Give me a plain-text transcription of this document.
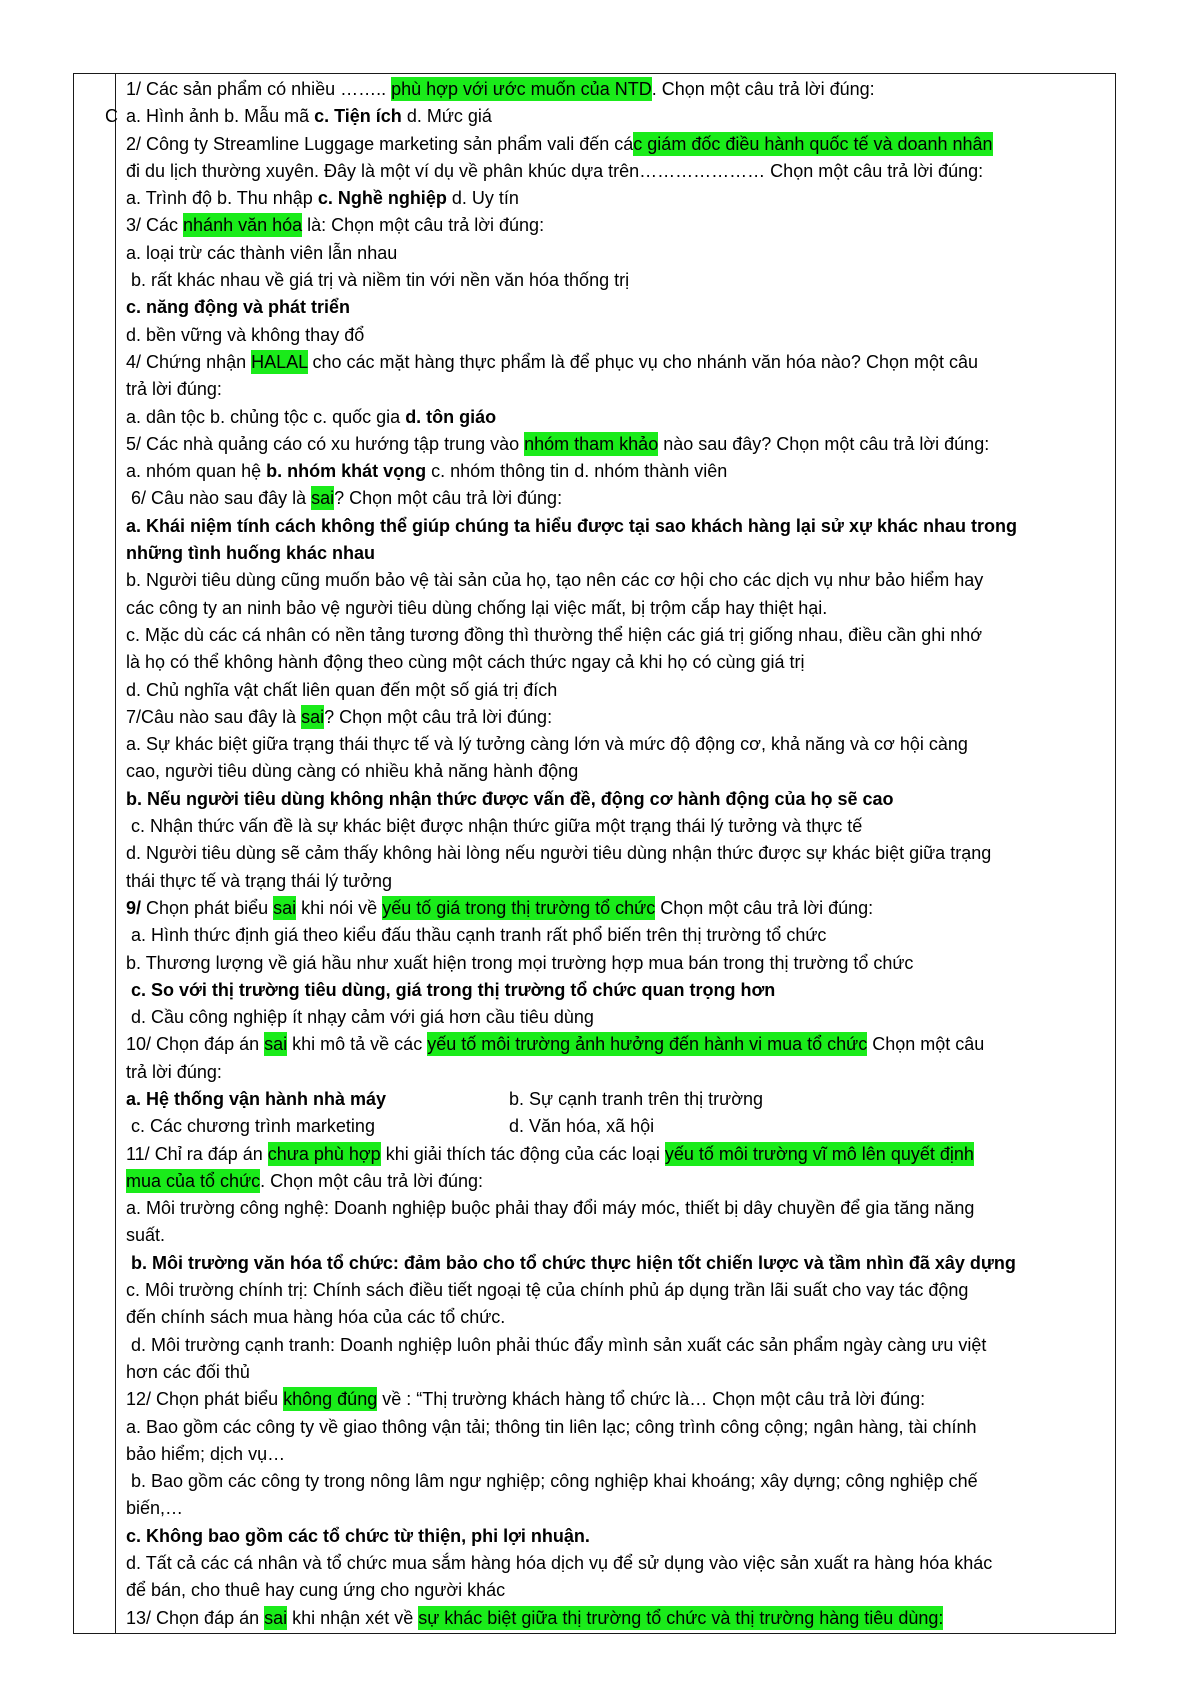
C

1/ Các sản phẩm có nhiều …….. phù hợp với ước muốn của NTD. Chọn một câu trả lời đúng:
a. Hình ảnh b. Mẫu mã c. Tiện ích d. Mức giá
2/ Công ty Streamline Luggage marketing sản phẩm vali đến các giám đốc điều hành quốc tế và doanh nhân
đi du lịch thường xuyên. Đây là một ví dụ về phân khúc dựa trên………………… Chọn một câu trả lời đúng:
a. Trình độ b. Thu nhập c. Nghề nghiệp d. Uy tín
3/ Các nhánh văn hóa là: Chọn một câu trả lời đúng:
a. loại trừ các thành viên lẫn nhau
b. rất khác nhau về giá trị và niềm tin với nền văn hóa thống trị
c. năng động và phát triển
d. bền vững và không thay đổ
4/ Chứng nhận HALAL cho các mặt hàng thực phẩm là để phục vụ cho nhánh văn hóa nào? Chọn một câu
trả lời đúng:
a. dân tộc b. chủng tộc c. quốc gia d. tôn giáo
5/ Các nhà quảng cáo có xu hướng tập trung vào nhóm tham khảo nào sau đây? Chọn một câu trả lời đúng:
a. nhóm quan hệ b. nhóm khát vọng c. nhóm thông tin d. nhóm thành viên
6/ Câu nào sau đây là sai? Chọn một câu trả lời đúng:
a. Khái niệm tính cách không thể giúp chúng ta hiểu được tại sao khách hàng lại sử xự khác nhau trong
những tình huống khác nhau
b. Người tiêu dùng cũng muốn bảo vệ tài sản của họ, tạo nên các cơ hội cho các dịch vụ như bảo hiểm hay
các công ty an ninh bảo vệ người tiêu dùng chống lại việc mất, bị trộm cắp hay thiệt hại.
c. Mặc dù các cá nhân có nền tảng tương đồng thì thường thể hiện các giá trị giống nhau, điều cần ghi nhớ
là họ có thể không hành động theo cùng một cách thức ngay cả khi họ có cùng giá trị
d. Chủ nghĩa vật chất liên quan đến một số giá trị đích
7/Câu nào sau đây là sai? Chọn một câu trả lời đúng:
a. Sự khác biệt giữa trạng thái thực tế và lý tưởng càng lớn và mức độ động cơ, khả năng và cơ hội càng
cao, người tiêu dùng càng có nhiều khả năng hành động
b. Nếu người tiêu dùng không nhận thức được vấn đề, động cơ hành động của họ sẽ cao
c. Nhận thức vấn đề là sự khác biệt được nhận thức giữa một trạng thái lý tưởng và thực tế
d. Người tiêu dùng sẽ cảm thấy không hài lòng nếu người tiêu dùng nhận thức được sự khác biệt giữa trạng
thái thực tế và trạng thái lý tưởng
9/ Chọn phát biểu sai khi nói về yếu tố giá trong thị trường tổ chức Chọn một câu trả lời đúng:
a. Hình thức định giá theo kiểu đấu thầu cạnh tranh rất phổ biến trên thị trường tổ chức
b. Thương lượng về giá hầu như xuất hiện trong mọi trường hợp mua bán trong thị trường tổ chức
c. So với thị trường tiêu dùng, giá trong thị trường tổ chức quan trọng hơn
d. Cầu công nghiệp ít nhạy cảm với giá hơn cầu tiêu dùng
10/ Chọn đáp án sai khi mô tả về các yếu tố môi trường ảnh hưởng đến hành vi mua tổ chức Chọn một câu
trả lời đúng:
a. Hệ thống vận hành nhà máy	b. Sự cạnh tranh trên thị trường
c. Các chương trình marketing	d. Văn hóa, xã hội
11/ Chỉ ra đáp án chưa phù hợp khi giải thích tác động của các loại yếu tố môi trường vĩ mô lên quyết định
mua của tổ chức. Chọn một câu trả lời đúng:
a. Môi trường công nghệ: Doanh nghiệp buộc phải thay đổi máy móc, thiết bị dây chuyền để gia tăng năng
suất.
b. Môi trường văn hóa tổ chức: đảm bảo cho tổ chức thực hiện tốt chiến lược và tầm nhìn đã xây dựng
c. Môi trường chính trị: Chính sách điều tiết ngoại tệ của chính phủ áp dụng trần lãi suất cho vay tác động
đến chính sách mua hàng hóa của các tổ chức.
d. Môi trường cạnh tranh: Doanh nghiệp luôn phải thúc đẩy mình sản xuất các sản phẩm ngày càng ưu việt
hơn các đối thủ
12/ Chọn phát biểu không đúng về : “Thị trường khách hàng tổ chức là… Chọn một câu trả lời đúng:
a. Bao gồm các công ty về giao thông vận tải; thông tin liên lạc; công trình công cộng; ngân hàng, tài chính
bảo hiểm; dịch vụ…
b. Bao gồm các công ty trong nông lâm ngư nghiệp; công nghiệp khai khoáng; xây dựng; công nghiệp chế
biến,…
c. Không bao gồm các tổ chức từ thiện, phi lợi nhuận.
d. Tất cả các cá nhân và tổ chức mua sắm hàng hóa dịch vụ để sử dụng vào việc sản xuất ra hàng hóa khác
để bán, cho thuê hay cung ứng cho người khác
13/ Chọn đáp án sai khi nhận xét về sự khác biệt giữa thị trường tổ chức và thị trường hàng tiêu dùng:
